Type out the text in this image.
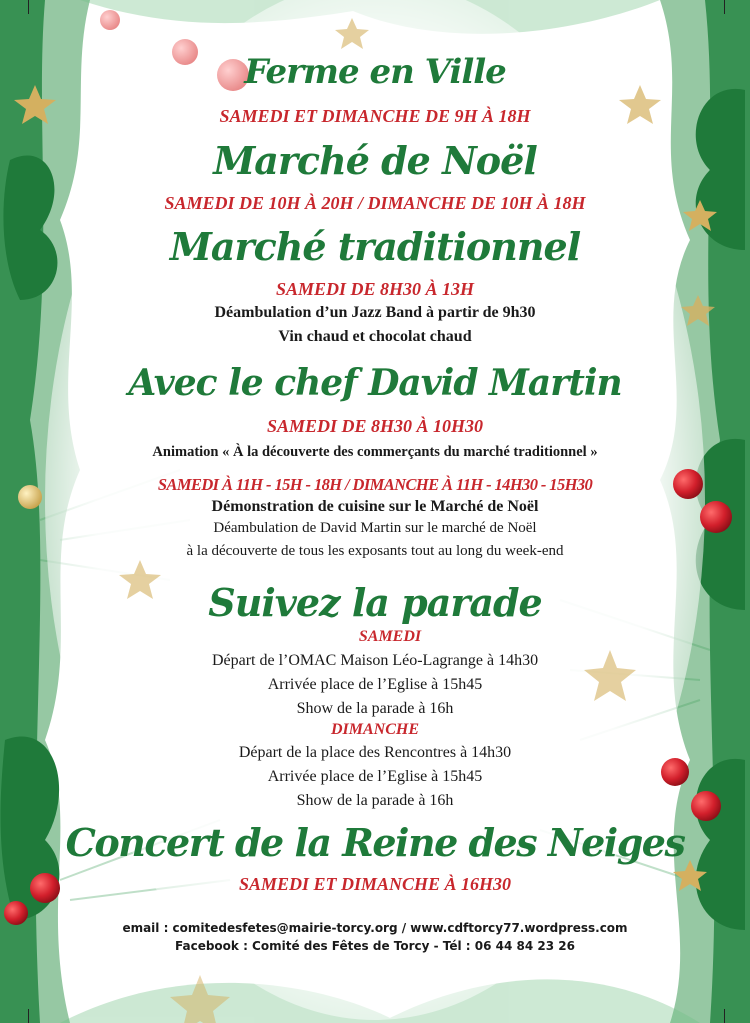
Ferme en Ville
SAMEDI ET DIMANCHE DE 9H À 18H
Marché de Noël
SAMEDI DE 10H À 20H / DIMANCHE DE 10H À 18H
Marché traditionnel
SAMEDI DE 8H30 À 13H
Déambulation d’un Jazz Band à partir de 9h30
Vin chaud et chocolat chaud
Avec le chef David Martin
SAMEDI DE 8H30 À 10H30
Animation « À la découverte des commerçants du marché traditionnel »
SAMEDI À 11H - 15H - 18H / DIMANCHE À 11H - 14H30 - 15H30
Démonstration de cuisine sur le Marché de Noël
Déambulation de David Martin sur le marché de Noël
à la découverte de tous les exposants tout au long du week-end
Suivez la parade
SAMEDI
Départ de l’OMAC Maison Léo-Lagrange à 14h30
Arrivée place de l’Eglise à 15h45
Show de la parade à 16h
DIMANCHE
Départ de la place des Rencontres à 14h30
Arrivée place de l’Eglise à 15h45
Show de la parade à 16h
Concert de la Reine des Neiges
SAMEDI ET DIMANCHE À 16H30
email : comitedesfetes@mairie-torcy.org / www.cdftorcy77.wordpress.com
Facebook : Comité des Fêtes de Torcy - Tél : 06 44 84 23 26
